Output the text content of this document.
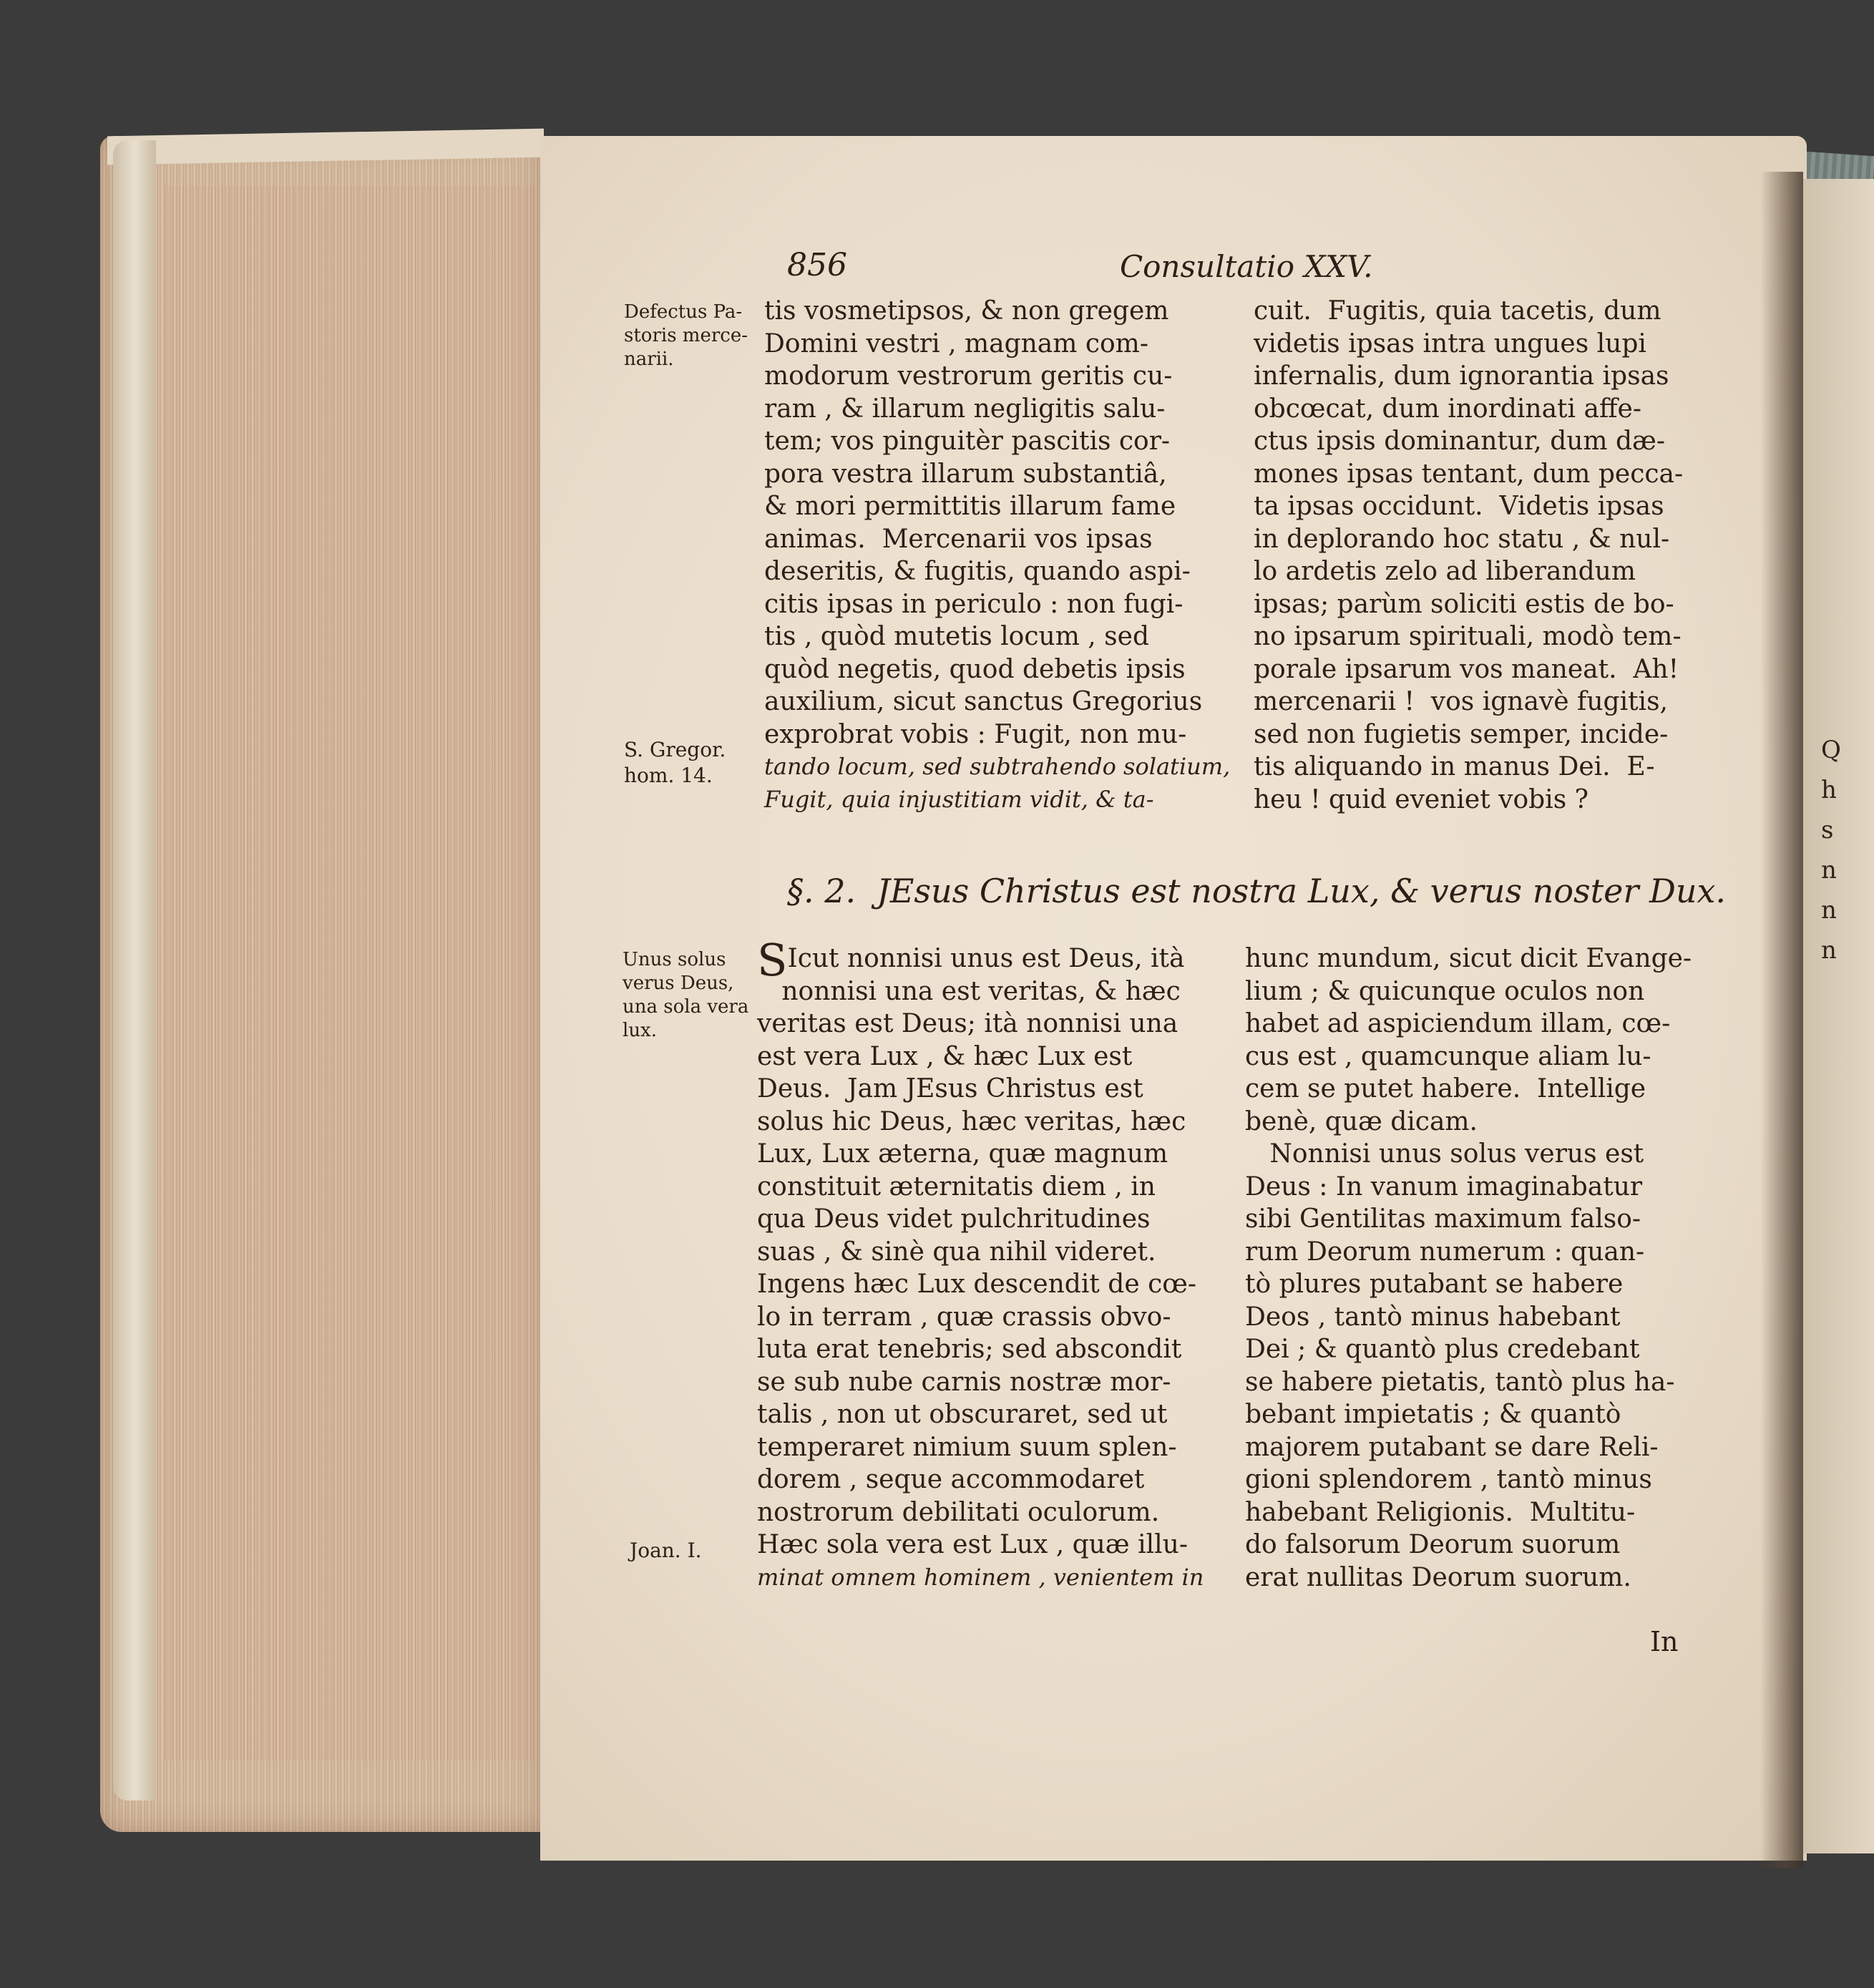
Q
h
s
n
n
n
856	Consultatio XXV.
Defectus Pa-
storis merce-
narii.
S. Gregor.
hom. 14.
Unus solus
verus Deus,
una sola vera
lux.
Joan. I.
tis vosmetipsos, & non gregem
Domini vestri , magnam com-
modorum vestrorum geritis cu-
ram , & illarum negligitis salu-
tem; vos pinguitèr pascitis cor-
pora vestra illarum substantiâ,
& mori permittitis illarum fame
animas.  Mercenarii vos ipsas
deseritis, & fugitis, quando aspi-
citis ipsas in periculo : non fugi-
tis , quòd mutetis locum , sed
quòd negetis, quod debetis ipsis
auxilium, sicut sanctus Gregorius
exprobrat vobis : Fugit, non mu-
tando locum, sed subtrahendo solatium,
Fugit, quia injustitiam vidit, & ta-
cuit.  Fugitis, quia tacetis, dum
videtis ipsas intra ungues lupi
infernalis, dum ignorantia ipsas
obcœcat, dum inordinati affe-
ctus ipsis dominantur, dum dæ-
mones ipsas tentant, dum pecca-
ta ipsas occidunt.  Videtis ipsas
in deplorando hoc statu , & nul-
lo ardetis zelo ad liberandum
ipsas; parùm soliciti estis de bo-
no ipsarum spirituali, modò tem-
porale ipsarum vos maneat.  Ah!
mercenarii !  vos ignavè fugitis,
sed non fugietis semper, incide-
tis aliquando in manus Dei.  E-
heu ! quid eveniet vobis ?
§. 2.  JEsus Christus est nostra Lux, & verus noster Dux.
SIcut nonnisi unus est Deus, ità
nonnisi una est veritas, & hæc
veritas est Deus; ità nonnisi una
est vera Lux , & hæc Lux est
Deus.  Jam JEsus Christus est
solus hic Deus, hæc veritas, hæc
Lux, Lux æterna, quæ magnum
constituit æternitatis diem , in
qua Deus videt pulchritudines
suas , & sinè qua nihil videret.
Ingens hæc Lux descendit de cœ-
lo in terram , quæ crassis obvo-
luta erat tenebris; sed abscondit
se sub nube carnis nostræ mor-
talis , non ut obscuraret, sed ut
temperaret nimium suum splen-
dorem , seque accommodaret
nostrorum debilitati oculorum.
Hæc sola vera est Lux , quæ illu-
minat omnem hominem , venientem in
hunc mundum, sicut dicit Evange-
lium ; & quicunque oculos non
habet ad aspiciendum illam, cœ-
cus est , quamcunque aliam lu-
cem se putet habere.  Intellige
benè, quæ dicam.
Nonnisi unus solus verus est
Deus : In vanum imaginabatur
sibi Gentilitas maximum falso-
rum Deorum numerum : quan-
tò plures putabant se habere
Deos , tantò minus habebant
Dei ; & quantò plus credebant
se habere pietatis, tantò plus ha-
bebant impietatis ; & quantò
majorem putabant se dare Reli-
gioni splendorem , tantò minus
habebant Religionis.  Multitu-
do falsorum Deorum suorum
erat nullitas Deorum suorum.
In
